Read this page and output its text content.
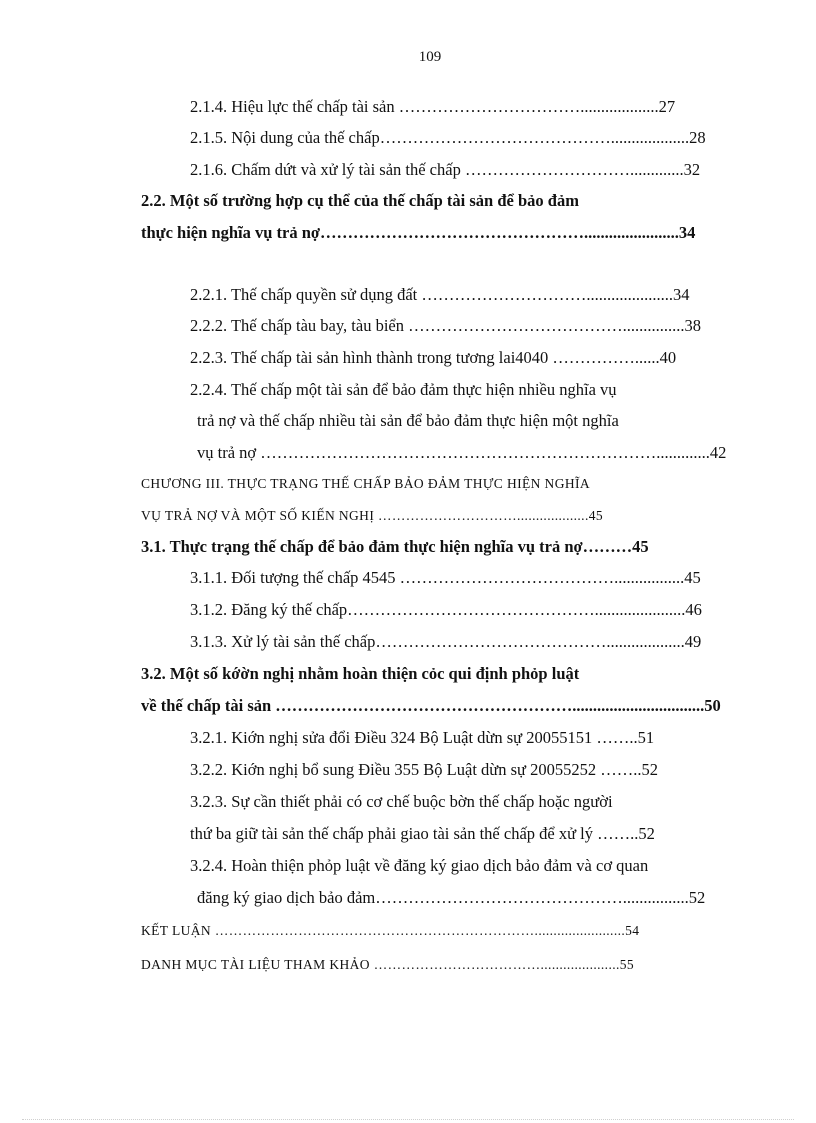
109
2.1.4. Hiệu lực thế chấp tài sản ……………………………...................27
2.1.5. Nội dung của thế chấp……………………………………...................28
2.1.6. Chấm dứt và xử lý tài sản thế chấp ………………………….............32
2.2. Một số trường hợp cụ thể của thế chấp tài sản để bảo đảm
thực hiện nghĩa vụ trả nợ………………………………………….......................34
2.2.1. Thế chấp quyền sử dụng đất ………………………….....................34
2.2.2. Thế chấp tàu bay, tàu biển …………………………………...............38
2.2.3. Thế chấp tài sản hình thành trong tương lai4040 ……………......40
2.2.4. Thế chấp một tài sản để bảo đảm thực hiện nhiều nghĩa vụ
trả nợ và thế chấp nhiều tài sản để bảo đảm thực hiện một nghĩa
vụ trả nợ ……………………………………………………………….............42
CHƯƠNG III. THỰC TRẠNG THẾ CHẤP BẢO ĐẢM THỰC HIỆN NGHĨA
VỤ TRẢ NỢ VÀ MỘT SỐ KIẾN NGHỊ …………………………...................45
3.1. Thực trạng thế chấp để bảo đảm thực hiện nghĩa vụ trả nợ………45
3.1.1. Đối tượng thế chấp 4545 ………………………………….................45
3.1.2. Đăng ký thế chấp………………………………………......................46
3.1.3. Xử lý tài sản thế chấp……………………………………...................49
3.2. Một số kớờn nghị nhằm hoàn thiện cỏc qui định phỏp luật
về thế chấp tài sản ………………………………………………................................50
3.2.1. Kiớn nghị sửa đổi Điều 324 Bộ Luật dừn sự 20055151 ……..51
3.2.2. Kiớn nghị bổ sung Điều 355 Bộ Luật dừn sự 20055252 ……..52
3.2.3. Sự cần thiết phải có cơ chế buộc bờn thế chấp hoặc người
thứ ba giữ tài sản thế chấp phải giao tài sản thế chấp để xử lý ……..52
3.2.4. Hoàn thiện phỏp luật về đăng ký giao dịch bảo đảm và cơ quan
đăng ký giao dịch bảo đảm………………………………………................52
KẾT LUẬN ……………………………………………………………........................54
DANH MỤC TÀI LIỆU THAM KHẢO ……………………………….....................55
